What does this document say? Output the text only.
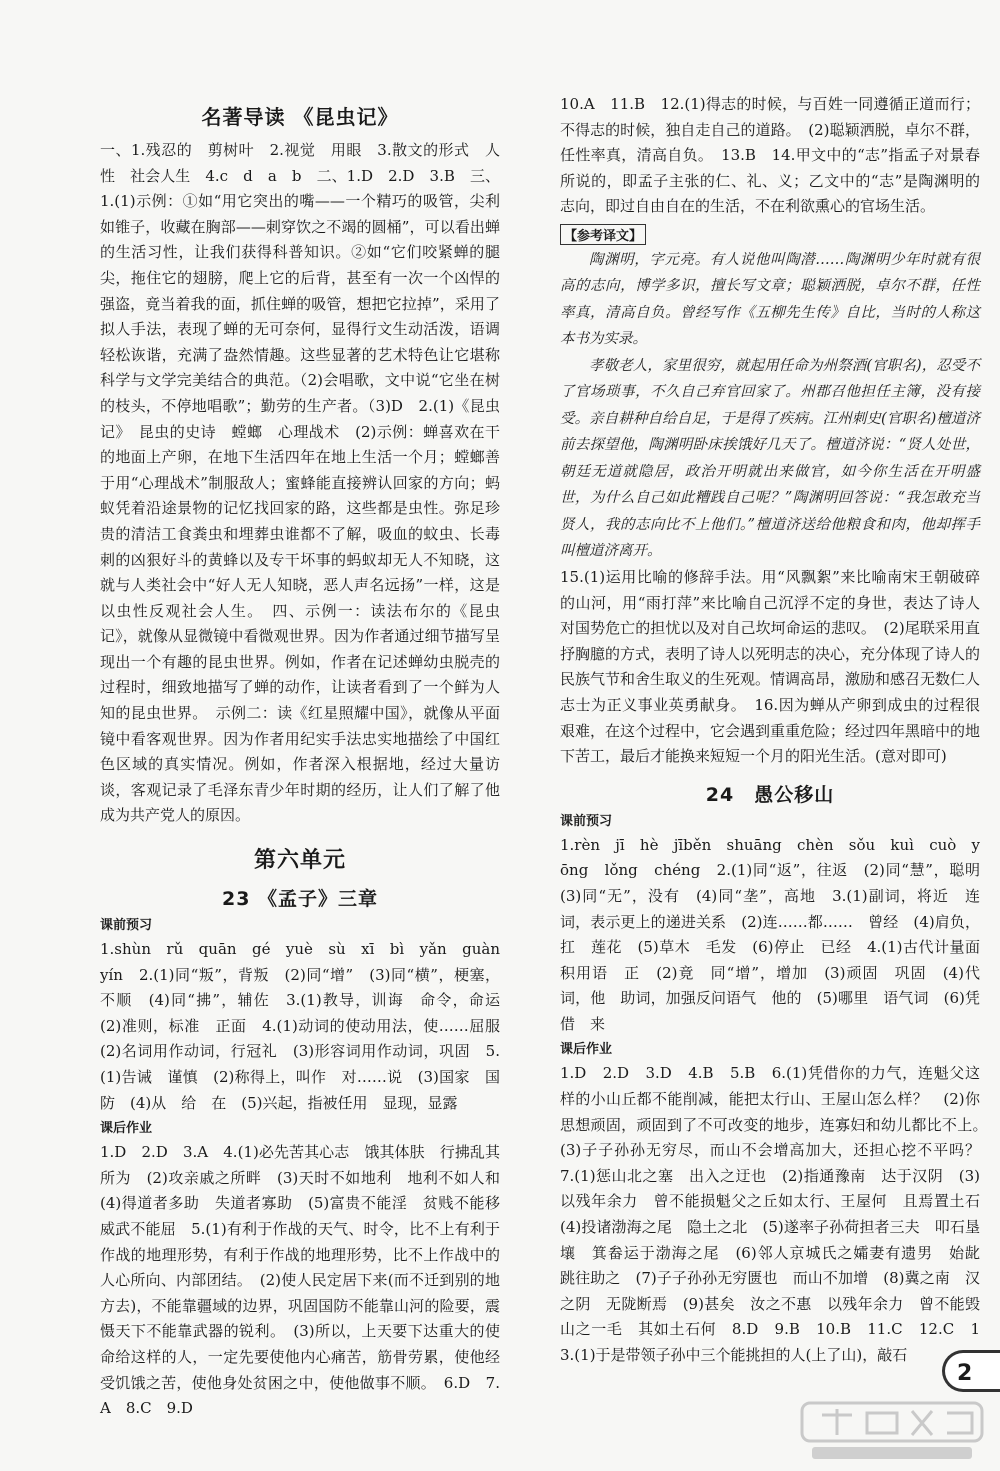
名著导读 《昆虫记》

一、1.残忍的　剪树叶　2.视觉　用眼　3.散文的形式　人性　社会人生　4.c　d　a　b　二、1.D　2.D　3.B　三、1.(1)示例：①如“用它突出的嘴——一个精巧的吸管，尖利如锥子，收藏在胸部——刺穿饮之不竭的圆桶”，可以看出蝉的生活习性，让我们获得科普知识。②如“它们咬紧蝉的腿尖，拖住它的翅膀，爬上它的后背，甚至有一次一个凶悍的强盗，竟当着我的面，抓住蝉的吸管，想把它拉掉”，采用了拟人手法，表现了蝉的无可奈何，显得行文生动活泼，语调轻松诙谐，充满了盎然情趣。这些显著的艺术特色让它堪称科学与文学完美结合的典范。（2)会唱歌，文中说“它坐在树的枝头，不停地唱歌”；勤劳的生产者。（3)D　2.(1)《昆虫记》　昆虫的史诗　螳螂　心理战术　(2)示例：蝉喜欢在干的地面上产卵，在地下生活四年在地上生活一个月；螳螂善于用“心理战术”制服敌人；蜜蜂能直接辨认回家的方向；蚂蚁凭着沿途景物的记忆找回家的路，这些都是虫性。弥足珍贵的清洁工食粪虫和埋葬虫谁都不了解，吸血的蚊虫、长毒刺的凶狠好斗的黄蜂以及专干坏事的蚂蚁却无人不知晓，这就与人类社会中“好人无人知晓，恶人声名远扬”一样，这是以虫性反观社会人生。　四、示例一：读法布尔的《昆虫记》，就像从显微镜中看微观世界。因为作者通过细节描写呈现出一个有趣的昆虫世界。例如，作者在记述蝉幼虫脱壳的过程时，细致地描写了蝉的动作，让读者看到了一个鲜为人知的昆虫世界。　示例二：读《红星照耀中国》，就像从平面镜中看客观世界。因为作者用纪实手法忠实地描绘了中国红色区域的真实情况。例如，作者深入根据地，经过大量访谈，客观记录了毛泽东青少年时期的经历，让人们了解了他成为共产党人的原因。

第六单元
23 《孟子》三章
课前预习

1.shùn　rǔ　quān　gé　yuè　sù　xī　bì　yǎn　guàn　yín　2.(1)同“叛”，背叛　(2)同“增”　(3)同“横”，梗塞，不顺　(4)同“拂”，辅佐　3.(1)教导，训诲　命令，命运　(2)准则，标准　正面　4.(1)动词的使动用法，使……屈服　(2)名词用作动词，行冠礼　(3)形容词用作动词，巩固　5.(1)告诫　谨慎　(2)称得上，叫作　对……说　(3)国家　国防　(4)从　给　在　(5)兴起，指被任用　显现，显露

课后作业

1.D　2.D　3.A　4.(1)必先苦其心志　饿其体肤　行拂乱其所为　(2)攻亲戚之所畔　(3)天时不如地利　地利不如人和　(4)得道者多助　失道者寡助　(5)富贵不能淫　贫贱不能移　威武不能屈　5.(1)有利于作战的天气、时令，比不上有利于作战的地理形势，有利于作战的地理形势，比不上作战中的人心所向、内部团结。　(2)使人民定居下来(而不迁到别的地方去)，不能靠疆域的边界，巩固国防不能靠山河的险要，震慑天下不能靠武器的锐利。　(3)所以，上天要下达重大的使命给这样的人，一定先要使他内心痛苦，筋骨劳累，使他经受饥饿之苦，使他身处贫困之中，使他做事不顺。　6.D　7.A　8.C　9.D

10.A　11.B　12.(1)得志的时候，与百姓一同遵循正道而行；不得志的时候，独自走自己的道路。　(2)聪颖洒脱，卓尔不群，任性率真，清高自负。　13.B　14.甲文中的“志”指孟子对景春所说的，即孟子主张的仁、礼、义；乙文中的“志”是陶渊明的志向，即过自由自在的生活，不在利欲熏心的官场生活。

【参考译文】

陶渊明，字元亮。有人说他叫陶潜……陶渊明少年时就有很高的志向，博学多识，擅长写文章；聪颖洒脱，卓尔不群，任性率真，清高自负。曾经写作《五柳先生传》自比，当时的人称这本书为实录。

孝敬老人，家里很穷，就起用任命为州祭酒(官职名)，忍受不了官场琐事，不久自己弃官回家了。州郡召他担任主簿，没有接受。亲自耕种自给自足，于是得了疾病。江州刺史(官职名)檀道济前去探望他，陶渊明卧床挨饿好几天了。檀道济说：“贤人处世，朝廷无道就隐居，政治开明就出来做官，如今你生活在开明盛世，为什么自己如此糟践自己呢？”陶渊明回答说：“我怎敢充当贤人，我的志向比不上他们。”檀道济送给他粮食和肉，他却挥手叫檀道济离开。

15.(1)运用比喻的修辞手法。用“风飘絮”来比喻南宋王朝破碎的山河，用“雨打萍”来比喻自己沉浮不定的身世，表达了诗人对国势危亡的担忧以及对自己坎坷命运的悲叹。　(2)尾联采用直抒胸臆的方式，表明了诗人以死明志的决心，充分体现了诗人的民族气节和舍生取义的生死观。情调高昂，激励和感召无数仁人志士为正义事业英勇献身。　16.因为蝉从产卵到成虫的过程很艰难，在这个过程中，它会遇到重重危险；经过四年黑暗中的地下苦工，最后才能换来短短一个月的阳光生活。(意对即可)

24　愚公移山
课前预习

1.rèn　jī　hè　jīběn　shuāng　chèn　sǒu　kuì　cuò　yōng　lǒng　chéng　2.(1)同“返”，往返　(2)同“慧”，聪明　(3)同“无”，没有　(4)同“垄”，高地　3.(1)副词，将近　连词，表示更上的递进关系　(2)连……都……　曾经　(4)肩负，扛　莲花　(5)草木　毛发　(6)停止　已经　4.(1)古代计量面积用语　正　(2)竟　同“增”，增加　(3)顽固　巩固　(4)代词，他　助词，加强反问语气　他的　(5)哪里　语气词　(6)凭借　来

课后作业

1.D　2.D　3.D　4.B　5.B　6.(1)凭借你的力气，连魁父这样的小山丘都不能削减，能把太行山、王屋山怎么样？　(2)你思想顽固，顽固到了不可改变的地步，连寡妇和幼儿都比不上。　(3)子子孙孙无穷尽，而山不会增高加大，还担心挖不平吗？　7.(1)惩山北之塞　出入之迂也　(2)指通豫南　达于汉阴　(3)以残年余力　曾不能损魁父之丘如太行、王屋何　且焉置土石　(4)投诸渤海之尾　隐土之北　(5)遂率子孙荷担者三夫　叩石垦壤　箕畚运于渤海之尾　(6)邻人京城氏之孀妻有遗男　始龀　跳往助之　(7)子子孙孙无穷匮也　而山不加增　(8)冀之南　汉之阴　无陇断焉　(9)甚矣　汝之不惠　以残年余力　曾不能毁山之一毛　其如土石何　8.D　9.B　10.B　11.C　12.C　13.(1)于是带领子孙中三个能挑担的人(上了山)，敲石

2
